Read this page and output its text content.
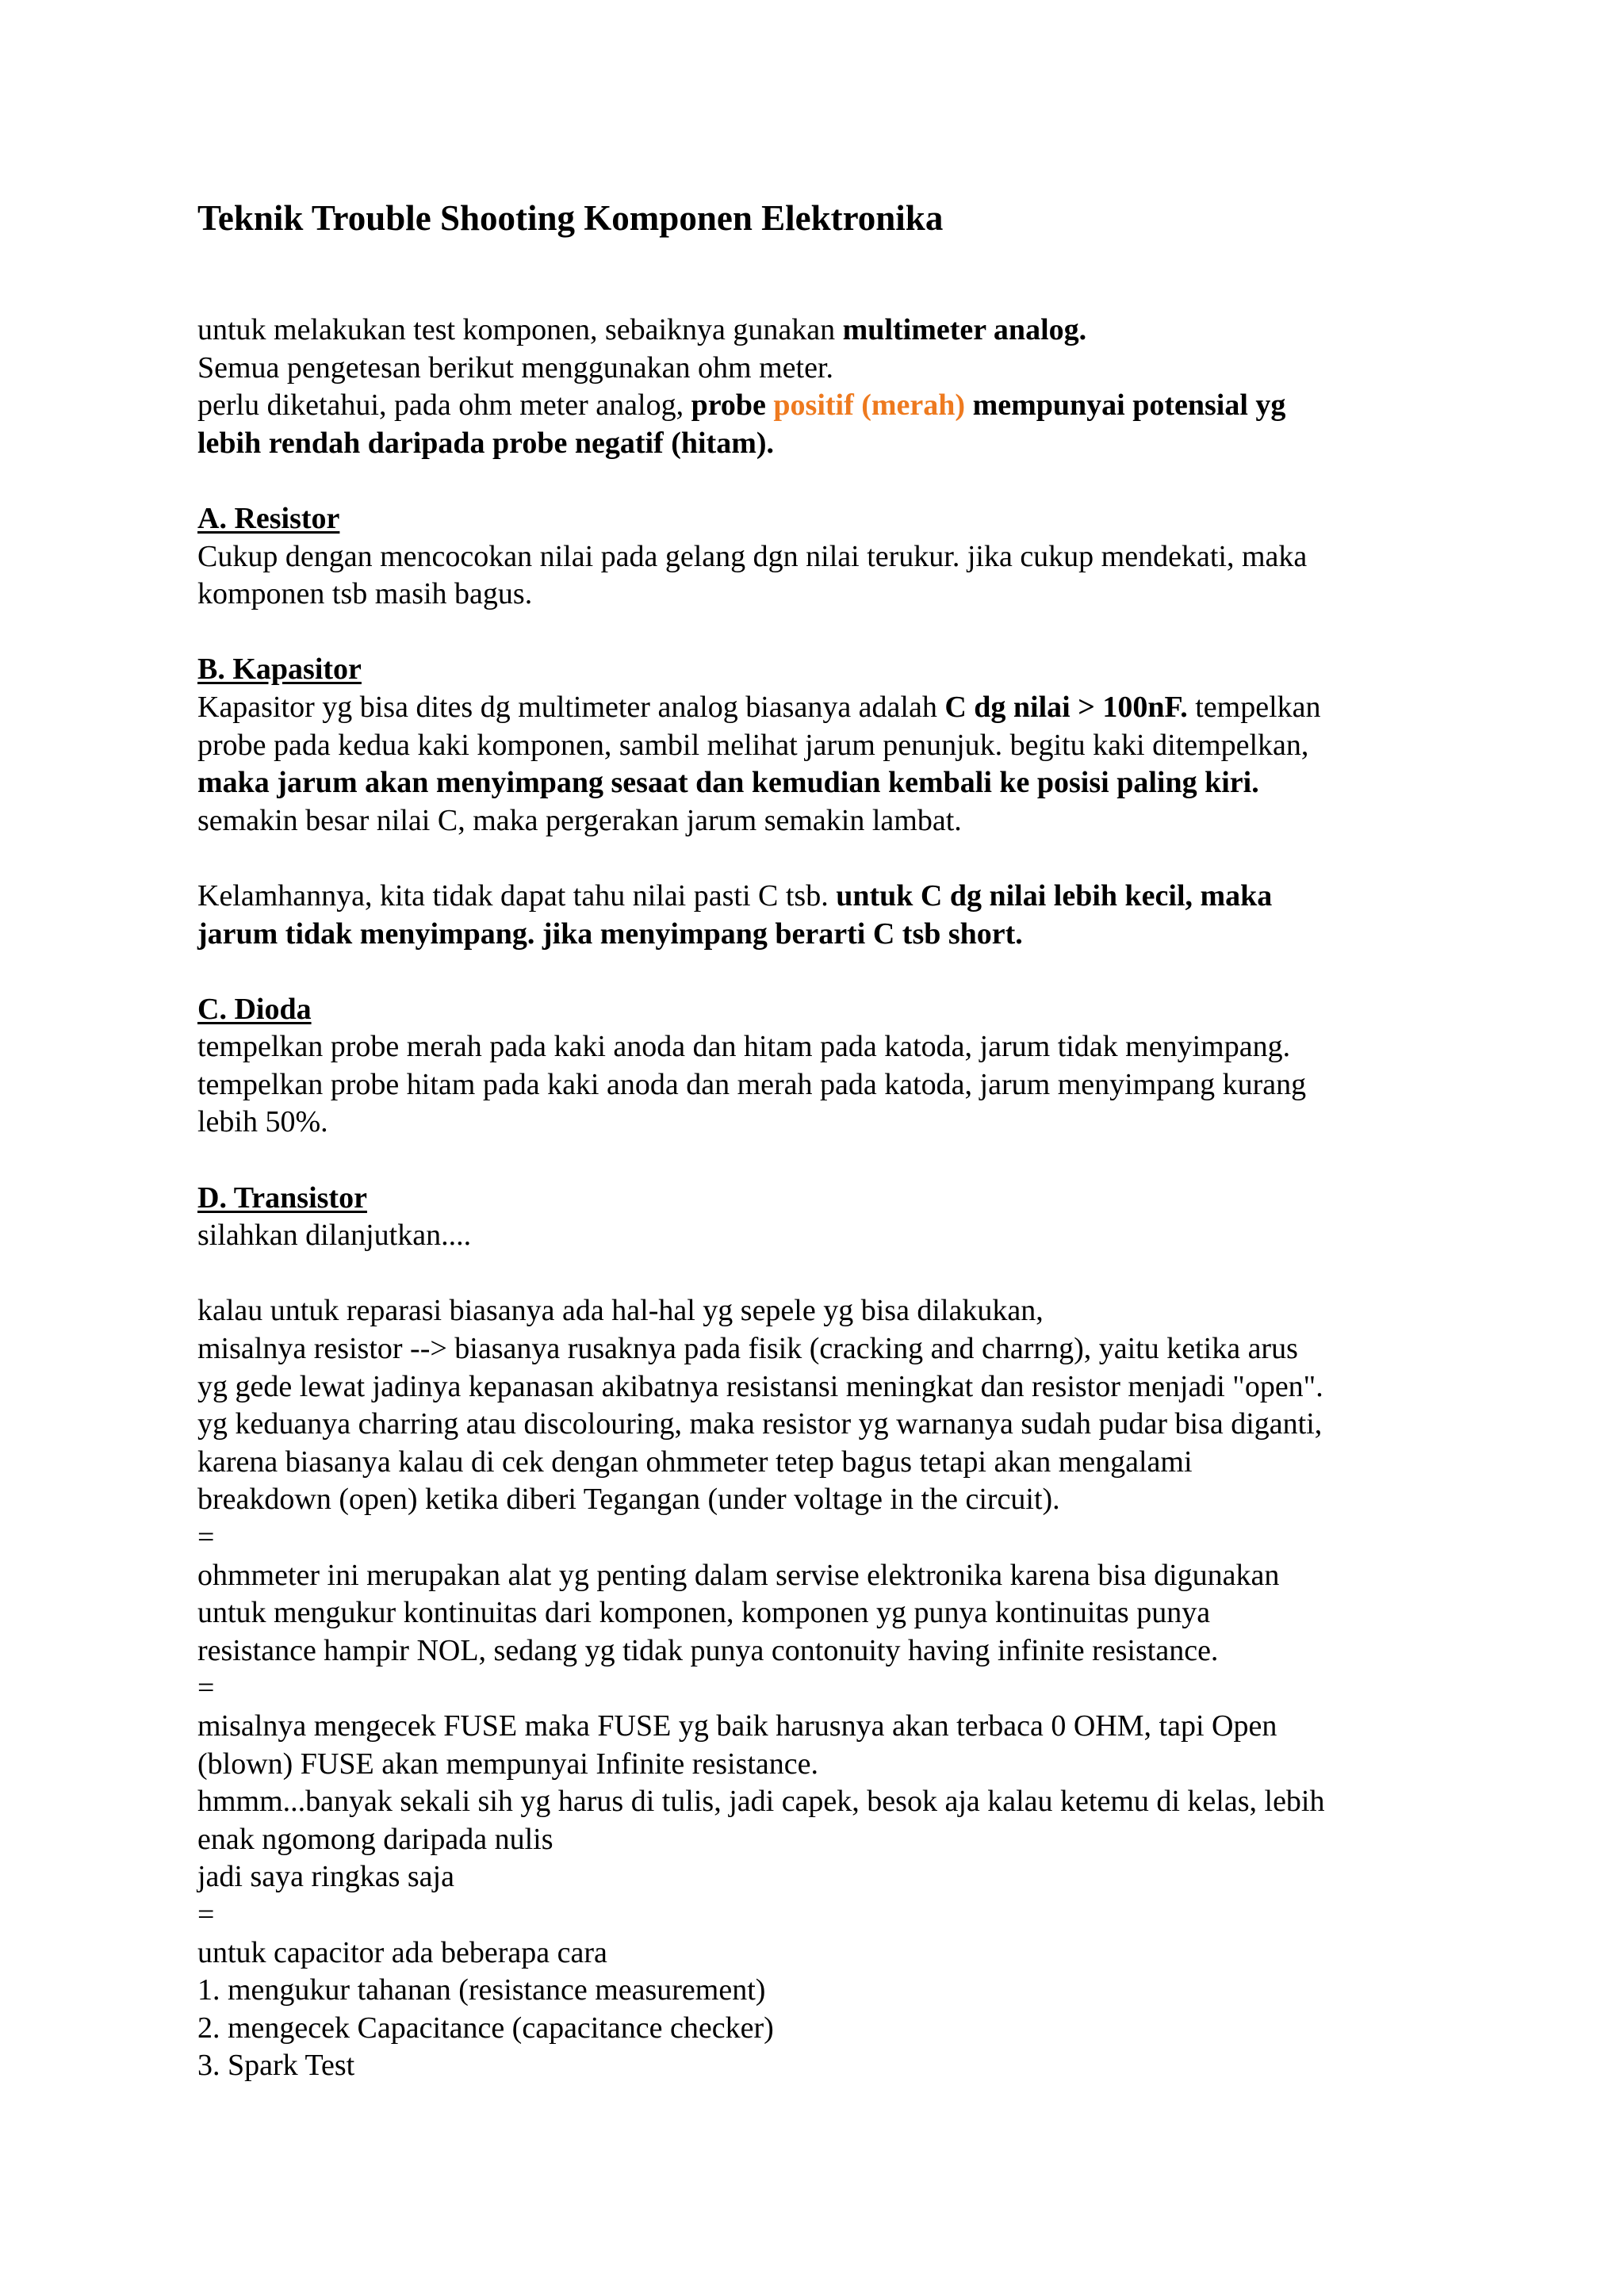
Teknik Trouble Shooting Komponen Elektronika
untuk melakukan test komponen, sebaiknya gunakan multimeter analog.
Semua pengetesan berikut menggunakan ohm meter.
perlu diketahui, pada ohm meter analog, probe positif (merah) mempunyai potensial yg
lebih rendah daripada probe negatif (hitam).
A. Resistor
Cukup dengan mencocokan nilai pada gelang dgn nilai terukur. jika cukup mendekati, maka
komponen tsb masih bagus.
B. Kapasitor
Kapasitor yg bisa dites dg multimeter analog biasanya adalah C dg nilai > 100nF. tempelkan
probe pada kedua kaki komponen, sambil melihat jarum penunjuk. begitu kaki ditempelkan,
maka jarum akan menyimpang sesaat dan kemudian kembali ke posisi paling kiri.
semakin besar nilai C, maka pergerakan jarum semakin lambat.
Kelamhannya, kita tidak dapat tahu nilai pasti C tsb. untuk C dg nilai lebih kecil, maka
jarum tidak menyimpang. jika menyimpang berarti C tsb short.
C. Dioda
tempelkan probe merah pada kaki anoda dan hitam pada katoda, jarum tidak menyimpang.
tempelkan probe hitam pada kaki anoda dan merah pada katoda, jarum menyimpang kurang
lebih 50%.
D. Transistor
silahkan dilanjutkan....
kalau untuk reparasi biasanya ada hal-hal yg sepele yg bisa dilakukan,
misalnya resistor --> biasanya rusaknya pada fisik (cracking and charrng), yaitu ketika arus
yg gede lewat jadinya kepanasan akibatnya resistansi meningkat dan resistor menjadi "open".
yg keduanya charring atau discolouring, maka resistor yg warnanya sudah pudar bisa diganti,
karena biasanya kalau di cek dengan ohmmeter tetep bagus tetapi akan mengalami
breakdown (open) ketika diberi Tegangan (under voltage in the circuit).
=
ohmmeter ini merupakan alat yg penting dalam servise elektronika karena bisa digunakan
untuk mengukur kontinuitas dari komponen, komponen yg punya kontinuitas punya
resistance hampir NOL, sedang yg tidak punya contonuity having infinite resistance.
=
misalnya mengecek FUSE maka FUSE yg baik harusnya akan terbaca 0 OHM, tapi Open
(blown) FUSE akan mempunyai Infinite resistance.
hmmm...banyak sekali sih yg harus di tulis, jadi capek, besok aja kalau ketemu di kelas, lebih
enak ngomong daripada nulis
jadi saya ringkas saja
=
untuk capacitor ada beberapa cara
1. mengukur tahanan (resistance measurement)
2. mengecek Capacitance (capacitance checker)
3. Spark Test
